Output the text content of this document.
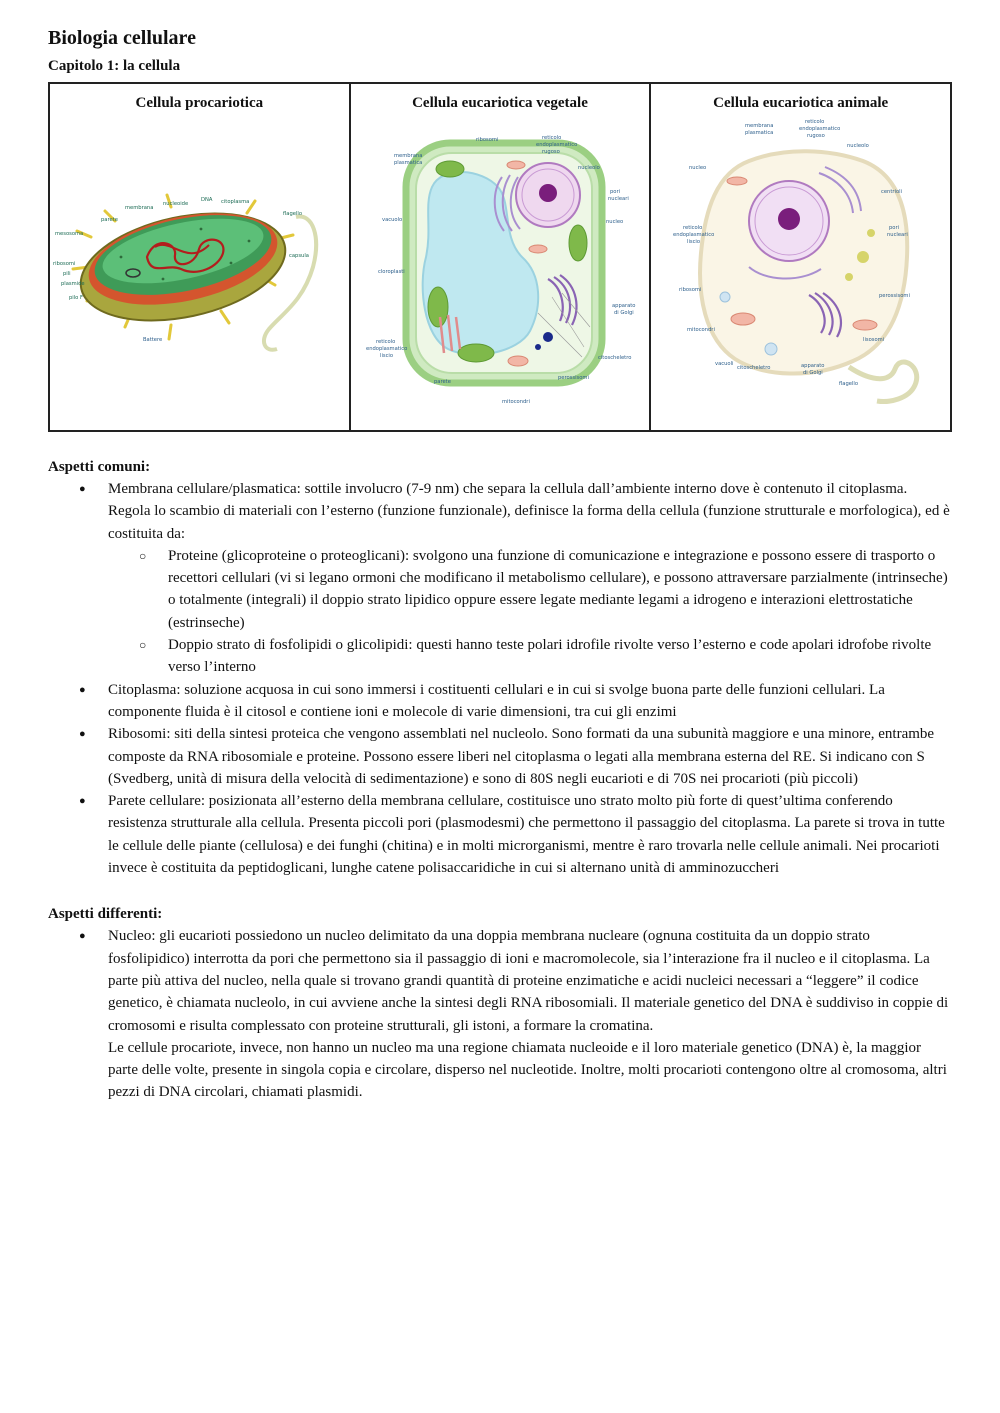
Biologia cellulare
Capitolo 1: la cellula
Cellula procariotica
membrana
nucleoide
DNA citoplasma
parete
flagello
mesosoma
ribosomi
capsula
pili
plasmide
pilo F
Battere

Cellula eucariotica vegetale
ribosomi	reticolo
endoplasmatico
rugoso
membrana
plasmatica
nucleolo
pori
nucleari
vacuolo	nucleo
cloroplasti
apparato
di Golgi
reticolo
endoplasmatico
liscio	citoscheletro
perossisomi
parete
mitocondri

Cellula eucariotica animale
membrana
plasmatica
reticolo
endoplasmatico
rugoso
nucleolo
nucleo
centrioli
reticolo
endoplasmatico
liscio
pori
nucleari
ribosomi
perossisomi
mitocondri
lisosomi
vacuoli
citoscheletro	apparato
di Golgi
flagello
Aspetti comuni:
● Membrana cellulare/plasmatica: sottile involucro (7-9 nm) che separa la cellula dall’ambiente interno dove è contenuto il citoplasma. Regola lo scambio di materiali con l’esterno (funzione funzionale), definisce la forma della cellula (funzione strutturale e morfologica), ed è costituita da:
○ Proteine (glicoproteine o proteoglicani): svolgono una funzione di comunicazione e integrazione e possono essere di trasporto o recettori cellulari (vi si legano ormoni che modificano il metabolismo cellulare), e possono attraversare parzialmente (intrinseche) o totalmente (integrali) il doppio strato lipidico oppure essere legate mediante legami a idrogeno e interazioni elettrostatiche (estrinseche)
○ Doppio strato di fosfolipidi o glicolipidi: questi hanno teste polari idrofile rivolte verso l’esterno e code apolari idrofobe rivolte verso l’interno
● Citoplasma: soluzione acquosa in cui sono immersi i costituenti cellulari e in cui si svolge buona parte delle funzioni cellulari. La componente fluida è il citosol e contiene ioni e molecole di varie dimensioni, tra cui gli enzimi
● Ribosomi: siti della sintesi proteica che vengono assemblati nel nucleolo. Sono formati da una subunità maggiore e una minore, entrambe composte da RNA ribosomiale e proteine. Possono essere liberi nel citoplasma o legati alla membrana esterna del RE. Si indicano con S (Svedberg, unità di misura della velocità di sedimentazione) e sono di 80S negli eucarioti e di 70S nei procarioti (più piccoli)
● Parete cellulare: posizionata all’esterno della membrana cellulare, costituisce uno strato molto più forte di quest’ultima conferendo resistenza strutturale alla cellula. Presenta piccoli pori (plasmodesmi) che permettono il passaggio del citoplasma. La parete si trova in tutte le cellule delle piante (cellulosa) e dei funghi (chitina) e in molti microrganismi, mentre è raro trovarla nelle cellule animali. Nei procarioti invece è costituita da peptidoglicani, lunghe catene polisaccaridiche in cui si alternano unità di amminozuccheri
Aspetti differenti:
● Nucleo: gli eucarioti possiedono un nucleo delimitato da una doppia membrana nucleare (ognuna costituita da un doppio strato fosfolipidico) interrotta da pori che permettono sia il passaggio di ioni e macromolecole, sia l’interazione fra il nucleo e il citoplasma. La parte più attiva del nucleo, nella quale si trovano grandi quantità di proteine enzimatiche e acidi nucleici necessari a “leggere” il codice genetico, è chiamata nucleolo, in cui avviene anche la sintesi degli RNA ribosomiali. Il materiale genetico del DNA è suddiviso in coppie di cromosomi e risulta complessato con proteine strutturali, gli istoni, a formare la cromatina.
Le cellule procariote, invece, non hanno un nucleo ma una regione chiamata nucleoide e il loro materiale genetico (DNA) è, la maggior parte delle volte, presente in singola copia e circolare, disperso nel nucleotide. Inoltre, molti procarioti contengono oltre al cromosoma, altri pezzi di DNA circolari, chiamati plasmidi.
